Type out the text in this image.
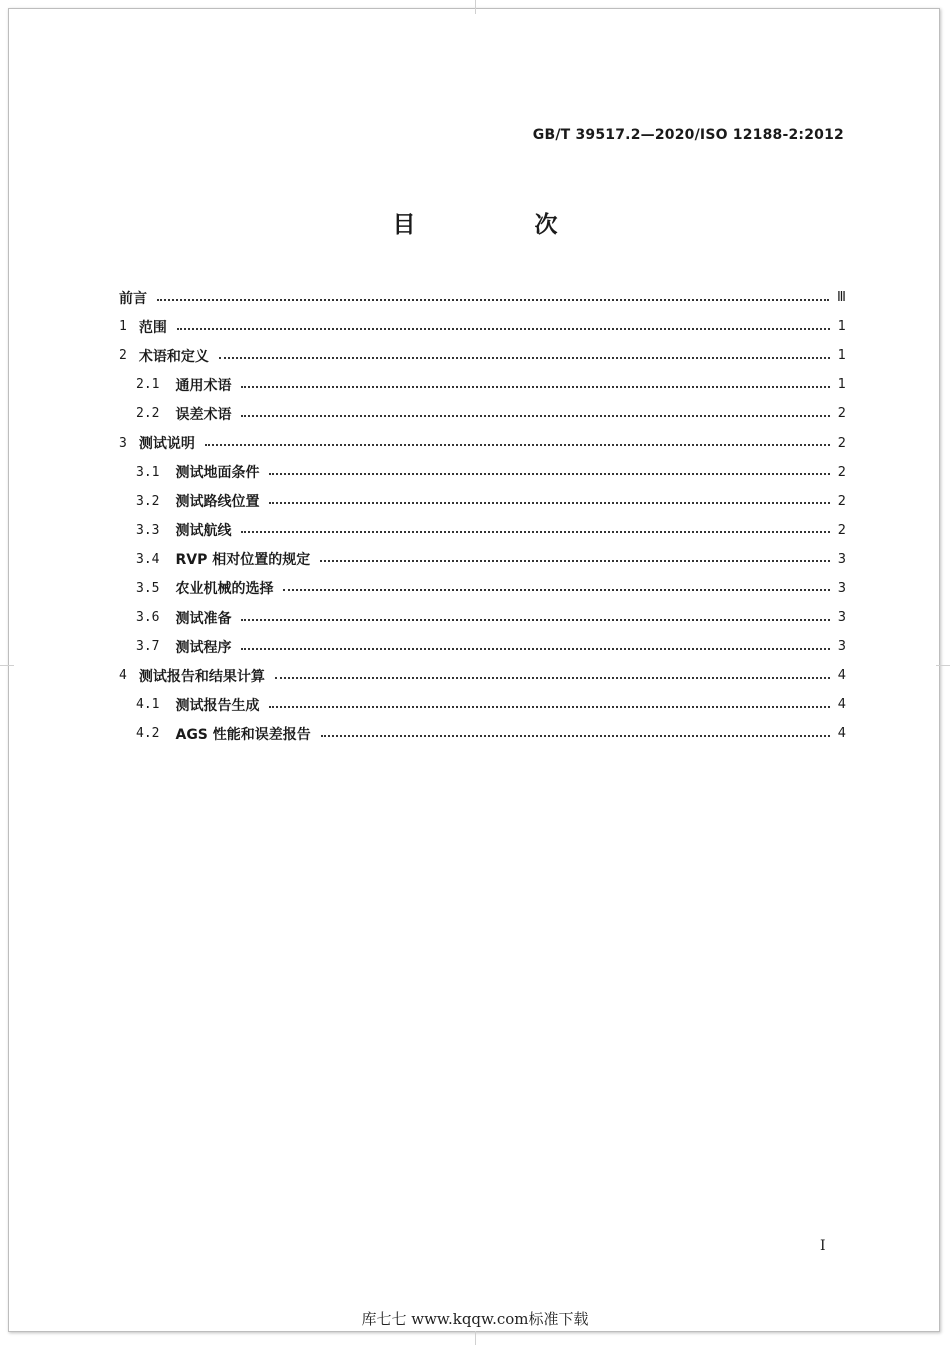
GB/T 39517.2—2020/ISO 12188-2:2012
目　次
前言	Ⅲ
1 范围	1
2 术语和定义	1
2.1 通用术语	1
2.2 误差术语	2
3 测试说明	2
3.1 测试地面条件	2
3.2 测试路线位置	2
3.3 测试航线	2
3.4 RVP 相对位置的规定	3
3.5 农业机械的选择	3
3.6 测试准备	3
3.7 测试程序	3
4 测试报告和结果计算	4
4.1 测试报告生成	4
4.2 AGS 性能和误差报告	4
I
库七七 www.kqqw.com标准下载
